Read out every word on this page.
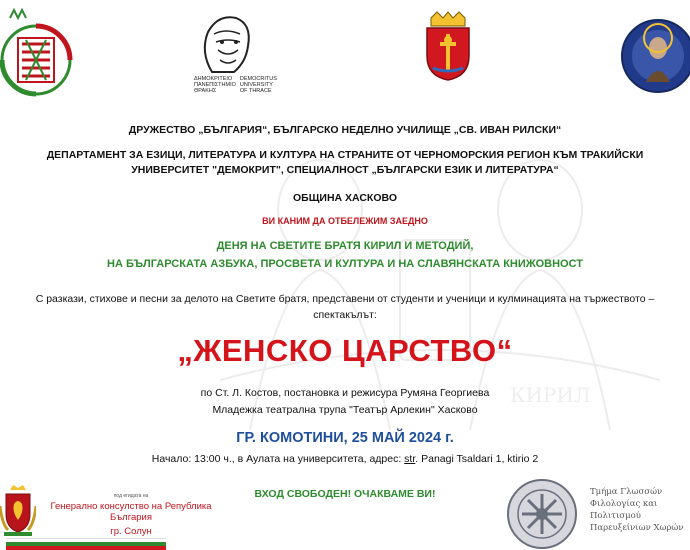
КИРИЛ
ΔΗΜΟΚΡΙΤΕΙΟ
ΠΑΝΕΠΙΣΤΗΜΙΟ
ΘΡΑΚΗΣ
DEMOCRITUS
UNIVERSITY
OF THRACE
ДРУЖЕСТВО „БЪЛГАРИЯ“, БЪЛГАРСКО НЕДЕЛНО УЧИЛИЩЕ „СВ. ИВАН РИЛСКИ“
ДЕПАРТАМЕНТ ЗА ЕЗИЦИ, ЛИТЕРАТУРА И КУЛТУРА НА СТРАНИТЕ ОТ ЧЕРНОМОРСКИЯ РЕГИОН КЪМ ТРАКИЙСКИ
УНИВЕРСИТЕТ "ДЕМОКРИТ", СПЕЦИАЛНОСТ „БЪЛГАРСКИ ЕЗИК И ЛИТЕРАТУРА“
ОБЩИНА ХАСКОВО
ВИ КАНИМ ДА ОТБЕЛЕЖИМ ЗАЕДНО
ДЕНЯ НА СВЕТИТЕ БРАТЯ КИРИЛ И МЕТОДИЙ,
НА БЪЛГАРСКАТА АЗБУКА, ПРОСВЕТА И КУЛТУРА И НА СЛАВЯНСКАТА КНИЖОВНОСТ
С разкази, стихове и песни за делото на Светите братя, представени от студенти и ученици и кулминацията на тържеството –
спектакълът:
„ЖЕНСКО ЦАРСТВО“
по Ст. Л. Костов, постановка и режисура Румяна Георгиева
Младежка театрална трупа "Театър Арлекин" Хасково
ГР. КОМОТИНИ, 25 МАЙ 2024 г.
Начало: 13:00 ч., в Аулата на университета, адрес: str. Panagi Tsaldari 1, ktirio 2
ВХОД СВОБОДЕН! ОЧАКВАМЕ ВИ!
под егидата на
Генерално консулство на Република България
гр. Солун
Τμήμα Γλωσσών
Φιλολογίας και
Πολιτισμού
Παρευξείνιων Χωρών
